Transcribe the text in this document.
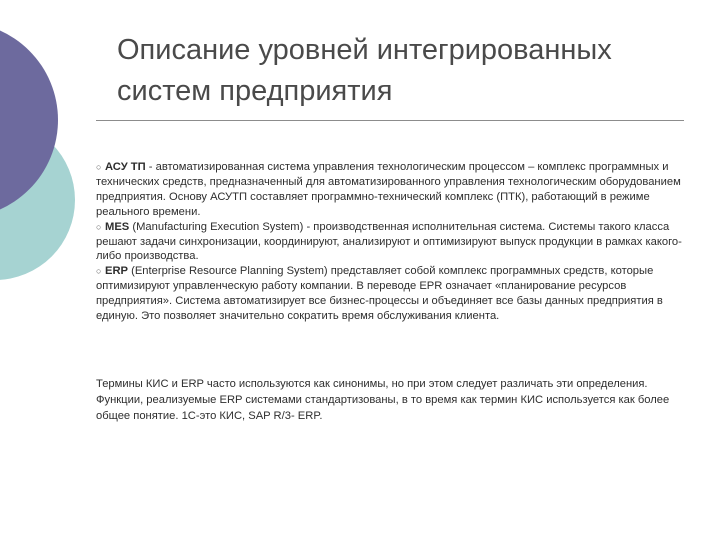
Описание уровней интегрированных
систем предприятия

○ АСУ ТП - автоматизированная система управления технологическим процессом – комплекс программных и технических средств, предназначенный для автоматизированного управления технологическим оборудованием предприятия. Основу АСУТП составляет программно-технический комплекс (ПТК), работающий в режиме реального времени.

○ MES (Manufacturing Execution System) - производственная исполнительная система. Системы такого класса решают задачи синхронизации, координируют, анализируют и оптимизируют выпуск продукции в рамках какого-либо производства.

○ ERP (Enterprise Resource Planning System) представляет собой комплекс программных средств, которые оптимизируют управленческую работу компании. В переводе EPR означает «планирование ресурсов предприятия». Система автоматизирует все бизнес-процессы и объединяет все базы данных предприятия в единую. Это позволяет значительно сократить время обслуживания клиента.

Термины КИС и ERP часто используются как синонимы, но при этом следует различать эти определения. Функции, реализуемые ERP системами стандартизованы, в то время как термин КИС используется как более общее понятие. 1С-это КИС, SAP R/3- ERP.
